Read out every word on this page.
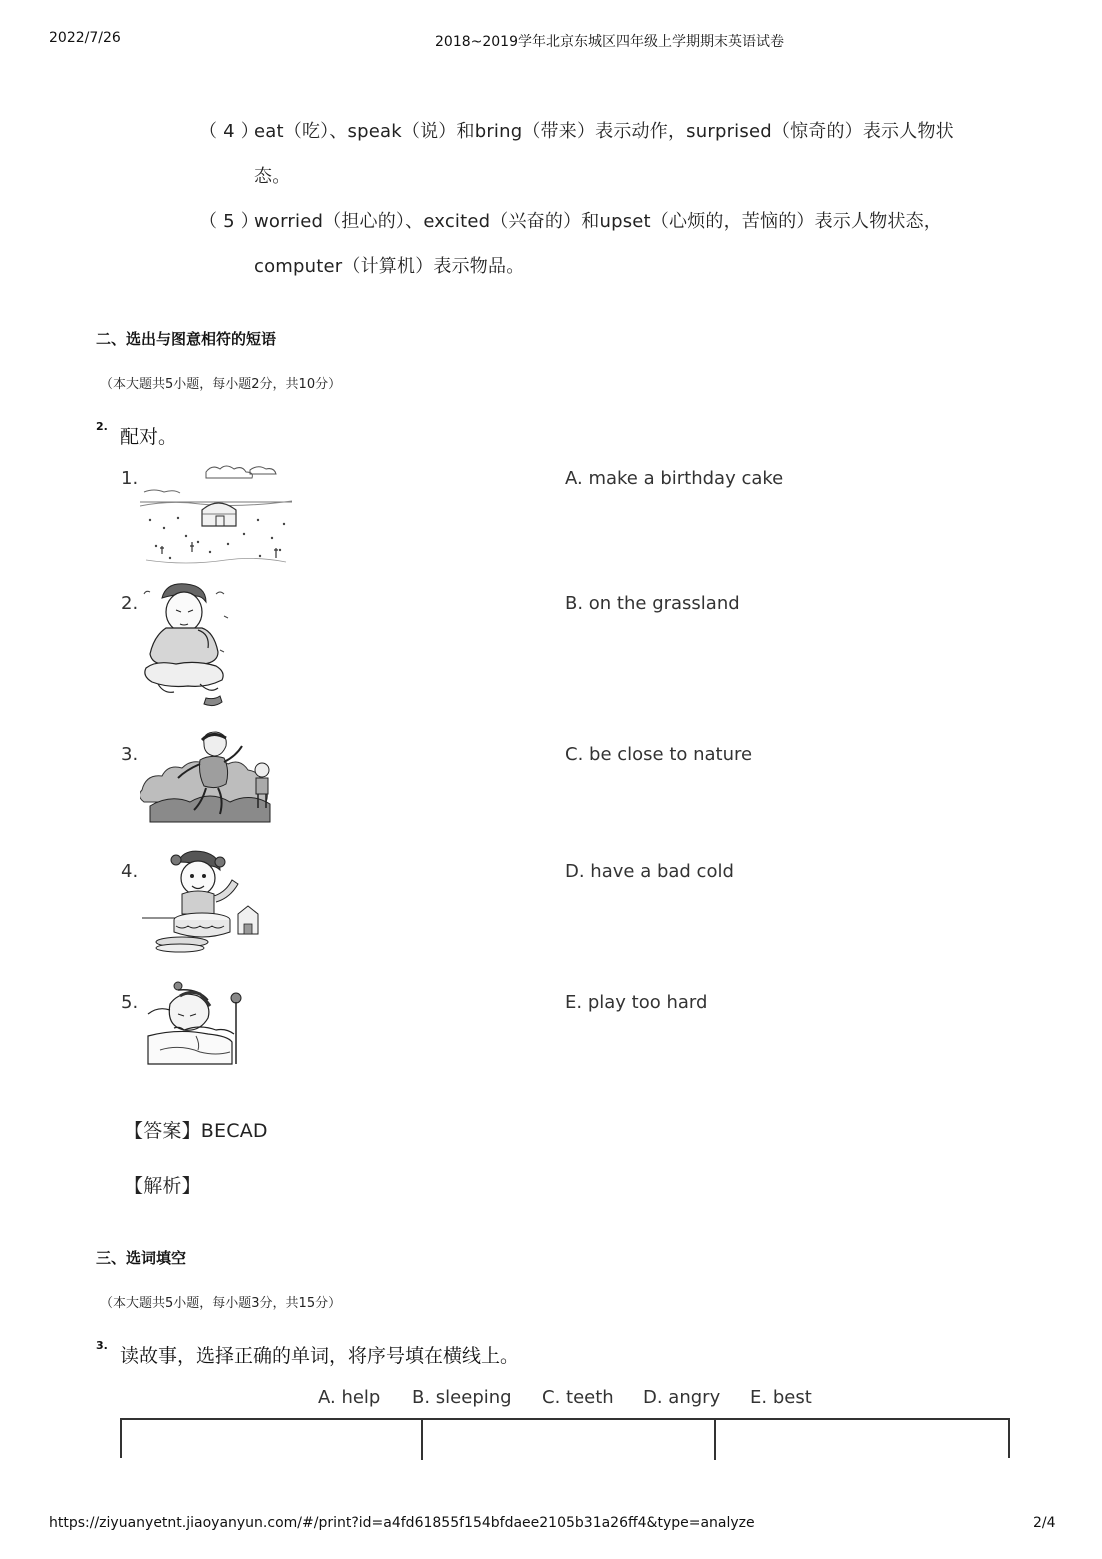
2022/7/26	2018~2019学年北京东城区四年级上学期期末英语试卷
（ 4 ）
eat（吃）、speak（说）和bring（带来）表示动作，surprised（惊奇的）表示人物状
态。
（ 5 ）
worried（担心的）、excited（兴奋的）和upset（心烦的，苦恼的）表示人物状态，
computer（计算机）表示物品。
二、选出与图意相符的短语
（本大题共5小题，每小题2分，共10分）
2. 配对。
1.
2.
3.
4.
5.
A. make a birthday cake
B. on the grassland
C. be close to nature
D. have a bad cold
E. play too hard
【答案】BECAD
【解析】
三、选词填空
（本大题共5小题，每小题3分，共15分）
3. 读故事，选择正确的单词，将序号填在横线上。
A. help B. sleeping C. teeth D. angry E. best
https://ziyuanyetnt.jiaoyanyun.com/#/print?id=a4fd61855f154bfdaee2105b31a26ff4&type=analyze	2/4
